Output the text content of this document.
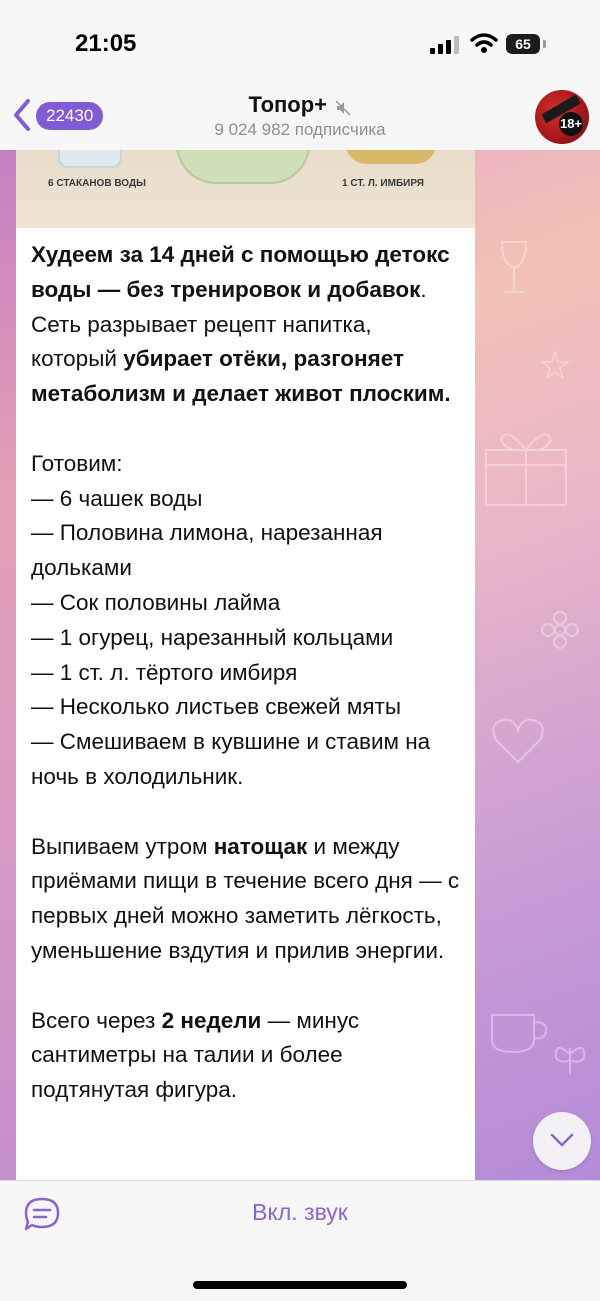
21:05	65
22430	Топор+
9 024 982 подписчика	18+
6 СТАКАНОВ ВОДЫ	1 СТ. Л. ИМБИРЯ

Худеем за 14 дней с помощью детокс воды — без тренировок и добавок. Сеть разрывает рецепт напитка, который убирает отёки, разгоняет метаболизм и делает живот плоским.

Готовим:

— 6 чашек воды

— Половина лимона, нарезанная дольками

— Сок половины лайма

— 1 огурец, нарезанный кольцами

— 1 ст. л. тёртого имбиря

— Несколько листьев свежей мяты

— Смешиваем в кувшине и ставим на ночь в холодильник.

Выпиваем утром натощак и между приёмами пищи в течение всего дня — с первых дней можно заметить лёгкость, уменьшение вздутия и прилив энергии.

Всего через 2 недели — минус сантиметры на талии и более подтянутая фигура.

Вкл. звук
